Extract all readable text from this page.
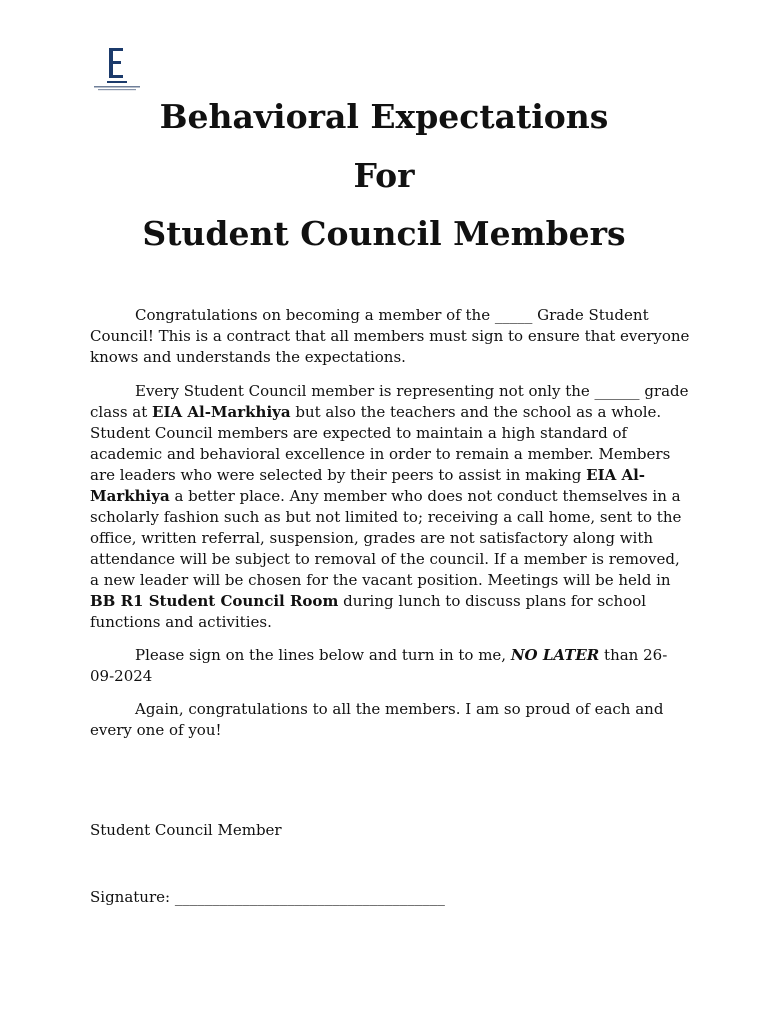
Behavioral Expectations
For
Student Council Members

Congratulations on becoming a member of the _____ Grade Student Council! This is a contract that all members must sign to ensure that everyone knows and understands the expectations.

Every Student Council member is representing not only the ______ grade class at EIA Al-Markhiya but also the teachers and the school as a whole. Student Council members are expected to maintain a high standard of academic and behavioral excellence in order to remain a member. Members are leaders who were selected by their peers to assist in making EIA Al-Markhiya a better place. Any member who does not conduct themselves in a scholarly fashion such as but not limited to; receiving a call home, sent to the office, written referral, suspension, grades are not satisfactory along with attendance will be subject to removal of the council. If a member is removed, a new leader will be chosen for the vacant position. Meetings will be held in BB R1 Student Council Room during lunch to discuss plans for school functions and activities.

Please sign on the lines below and turn in to me, NO LATER than 26-09-2024

Again, congratulations to all the members. I am so proud of each and every one of you!

Student Council Member

Signature: ____________________________________
